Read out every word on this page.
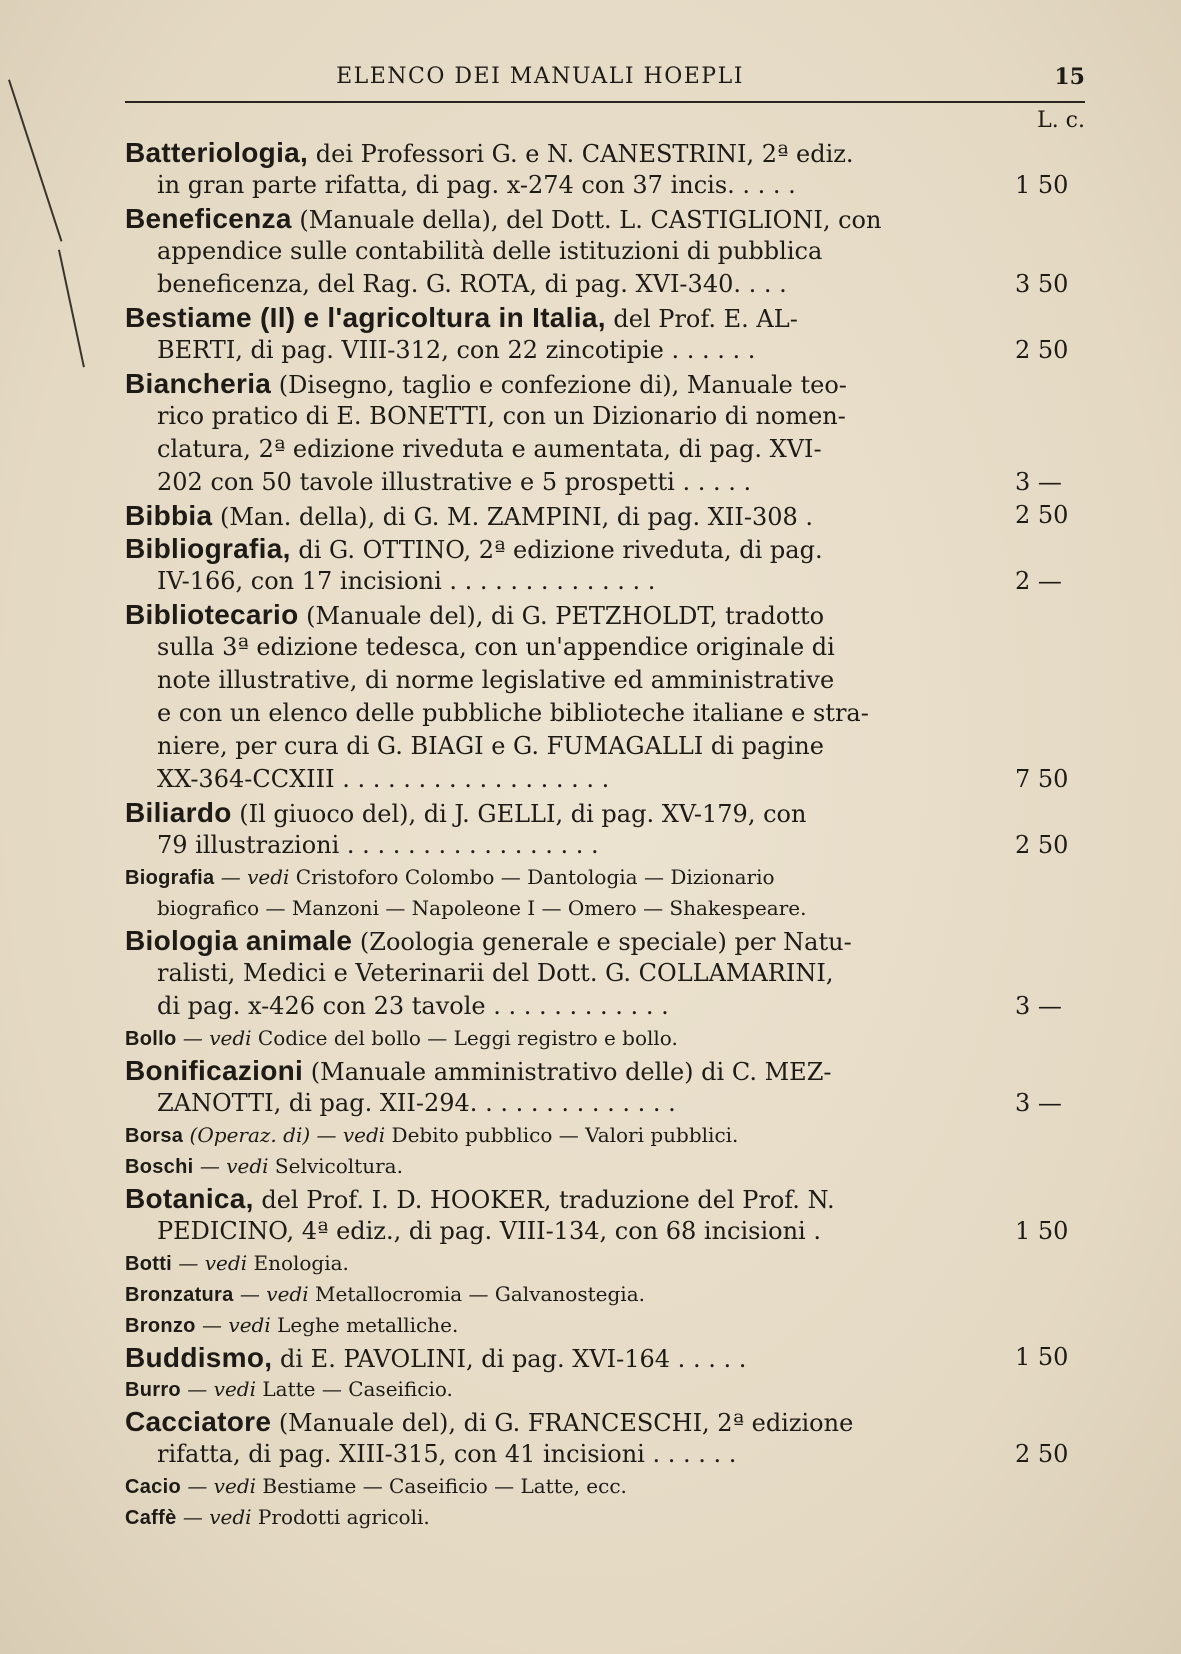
ELENCO DEI MANUALI HOEPLI	15
L. c.
Batteriologia, dei Professori G. e N. CANESTRINI, 2ª ediz.
in gran parte rifatta, di pag. x-274 con 37 incis. . . . .	1 50
Beneficenza (Manuale della), del Dott. L. CASTIGLIONI, con
appendice sulle contabilità delle istituzioni di pubblica
beneficenza, del Rag. G. ROTA, di pag. XVI-340. . . .	3 50
Bestiame (Il) e l'agricoltura in Italia, del Prof. E. AL-
BERTI, di pag. VIII-312, con 22 zincotipie . . . . . .	2 50
Biancheria (Disegno, taglio e confezione di), Manuale teo-
rico pratico di E. BONETTI, con un Dizionario di nomen-
clatura, 2ª edizione riveduta e aumentata, di pag. XVI-
202 con 50 tavole illustrative e 5 prospetti . . . . .	3 —
Bibbia (Man. della), di G. M. ZAMPINI, di pag. XII-308 .	2 50
Bibliografia, di G. OTTINO, 2ª edizione riveduta, di pag.
IV-166, con 17 incisioni . . . . . . . . . . . . . .	2 —
Bibliotecario (Manuale del), di G. PETZHOLDT, tradotto
sulla 3ª edizione tedesca, con un'appendice originale di
note illustrative, di norme legislative ed amministrative
e con un elenco delle pubbliche biblioteche italiane e stra-
niere, per cura di G. BIAGI e G. FUMAGALLI di pagine
XX-364-CCXIII . . . . . . . . . . . . . . . . . .	7 50
Biliardo (Il giuoco del), di J. GELLI, di pag. XV-179, con
79 illustrazioni . . . . . . . . . . . . . . . . .	2 50
Biografia — vedi Cristoforo Colombo — Dantologia — Dizionario
biografico — Manzoni — Napoleone I — Omero — Shakespeare.
Biologia animale (Zoologia generale e speciale) per Natu-
ralisti, Medici e Veterinarii del Dott. G. COLLAMARINI,
di pag. x-426 con 23 tavole . . . . . . . . . . . .	3 —
Bollo — vedi Codice del bollo — Leggi registro e bollo.
Bonificazioni (Manuale amministrativo delle) di C. MEZ-
ZANOTTI, di pag. XII-294. . . . . . . . . . . . . .	3 —
Borsa (Operaz. di) — vedi Debito pubblico — Valori pubblici.
Boschi — vedi Selvicoltura.
Botanica, del Prof. I. D. HOOKER, traduzione del Prof. N.
PEDICINO, 4ª ediz., di pag. VIII-134, con 68 incisioni .	1 50
Botti — vedi Enologia.
Bronzatura — vedi Metallocromia — Galvanostegia.
Bronzo — vedi Leghe metalliche.
Buddismo, di E. PAVOLINI, di pag. XVI-164 . . . . .	1 50
Burro — vedi Latte — Caseificio.
Cacciatore (Manuale del), di G. FRANCESCHI, 2ª edizione
rifatta, di pag. XIII-315, con 41 incisioni . . . . . .	2 50
Cacio — vedi Bestiame — Caseificio — Latte, ecc.
Caffè — vedi Prodotti agricoli.
